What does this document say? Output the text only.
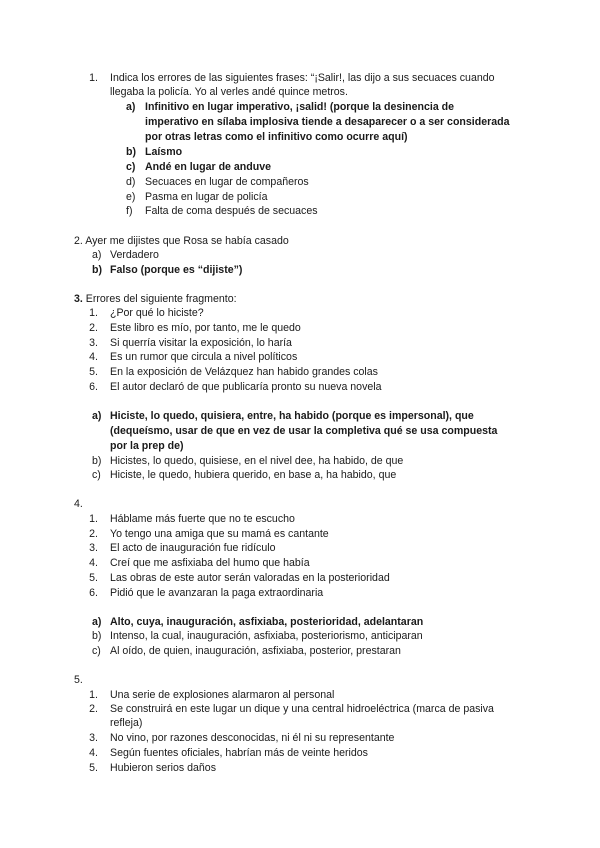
1. Indica los errores de las siguientes frases: “¡Salir!, las dijo a sus secuaces cuando
llegaba la policía. Yo al verles andé quince metros.
a) Infinitivo en lugar imperativo, ¡salid! (porque la desinencia de
imperativo en sílaba implosiva tiende a desaparecer o a ser considerada
por otras letras como el infinitivo como ocurre aquí)
b) Laísmo
c) Andé en lugar de anduve
d) Secuaces en lugar de compañeros
e) Pasma en lugar de policía
f) Falta de coma después de secuaces
2. Ayer me dijistes que Rosa se había casado
a) Verdadero
b) Falso (porque es “dijiste”)
3. Errores del siguiente fragmento:
1. ¿Por qué lo hiciste?
2. Este libro es mío, por tanto, me le quedo
3. Si querría visitar la exposición, lo haría
4. Es un rumor que circula a nivel políticos
5. En la exposición de Velázquez han habido grandes colas
6. El autor declaró de que publicaría pronto su nueva novela
a) Hiciste, lo quedo, quisiera, entre, ha habido (porque es impersonal), que
(dequeísmo, usar de que en vez de usar la completiva qué se usa compuesta
por la prep de)
b) Hicistes, lo quedo, quisiese, en el nivel dee, ha habido, de que
c) Hiciste, le quedo, hubiera querido, en base a, ha habido, que
4.
1. Háblame más fuerte que no te escucho
2. Yo tengo una amiga que su mamá es cantante
3. El acto de inauguración fue ridículo
4. Creí que me asfixiaba del humo que había
5. Las obras de este autor serán valoradas en la posterioridad
6. Pidió que le avanzaran la paga extraordinaria
a) Alto, cuya, inauguración, asfixiaba, posterioridad, adelantaran
b) Intenso, la cual, inauguración, asfixiaba, posteriorismo, anticiparan
c) Al oído, de quien, inauguración, asfixiaba, posterior, prestaran
5.
1. Una serie de explosiones alarmaron al personal
2. Se construirá en este lugar un dique y una central hidroeléctrica (marca de pasiva
refleja)
3. No vino, por razones desconocidas, ni él ni su representante
4. Según fuentes oficiales, habrían más de veinte heridos
5. Hubieron serios daños
